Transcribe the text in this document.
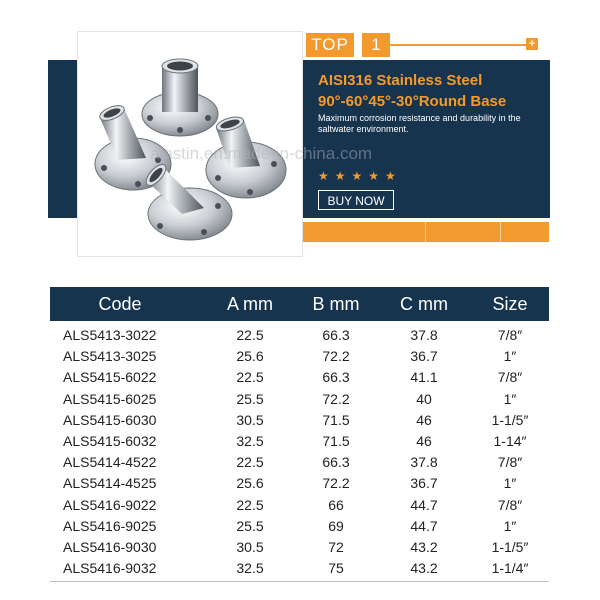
TOP	1	+
AISI316 Stainless Steel
90°-60°45°-30°Round Base
Maximum corrosion resistance and durability in the saltwater environment.
alastin.en.made-in-china.com
★★★★★
BUY NOW
Code	A mm	B mm	C mm	Size
ALS5413-3022	22.5	66.3	37.8	7/8″
ALS5413-3025	25.6	72.2	36.7	1″
ALS5415-6022	22.5	66.3	41.1	7/8″
ALS5415-6025	25.5	72.2	40	1″
ALS5415-6030	30.5	71.5	46	1-1/5″
ALS5415-6032	32.5	71.5	46	1-14″
ALS5414-4522	22.5	66.3	37.8	7/8″
ALS5414-4525	25.6	72.2	36.7	1″
ALS5416-9022	22.5	66	44.7	7/8″
ALS5416-9025	25.5	69	44.7	1″
ALS5416-9030	30.5	72	43.2	1-1/5″
ALS5416-9032	32.5	75	43.2	1-1/4″
